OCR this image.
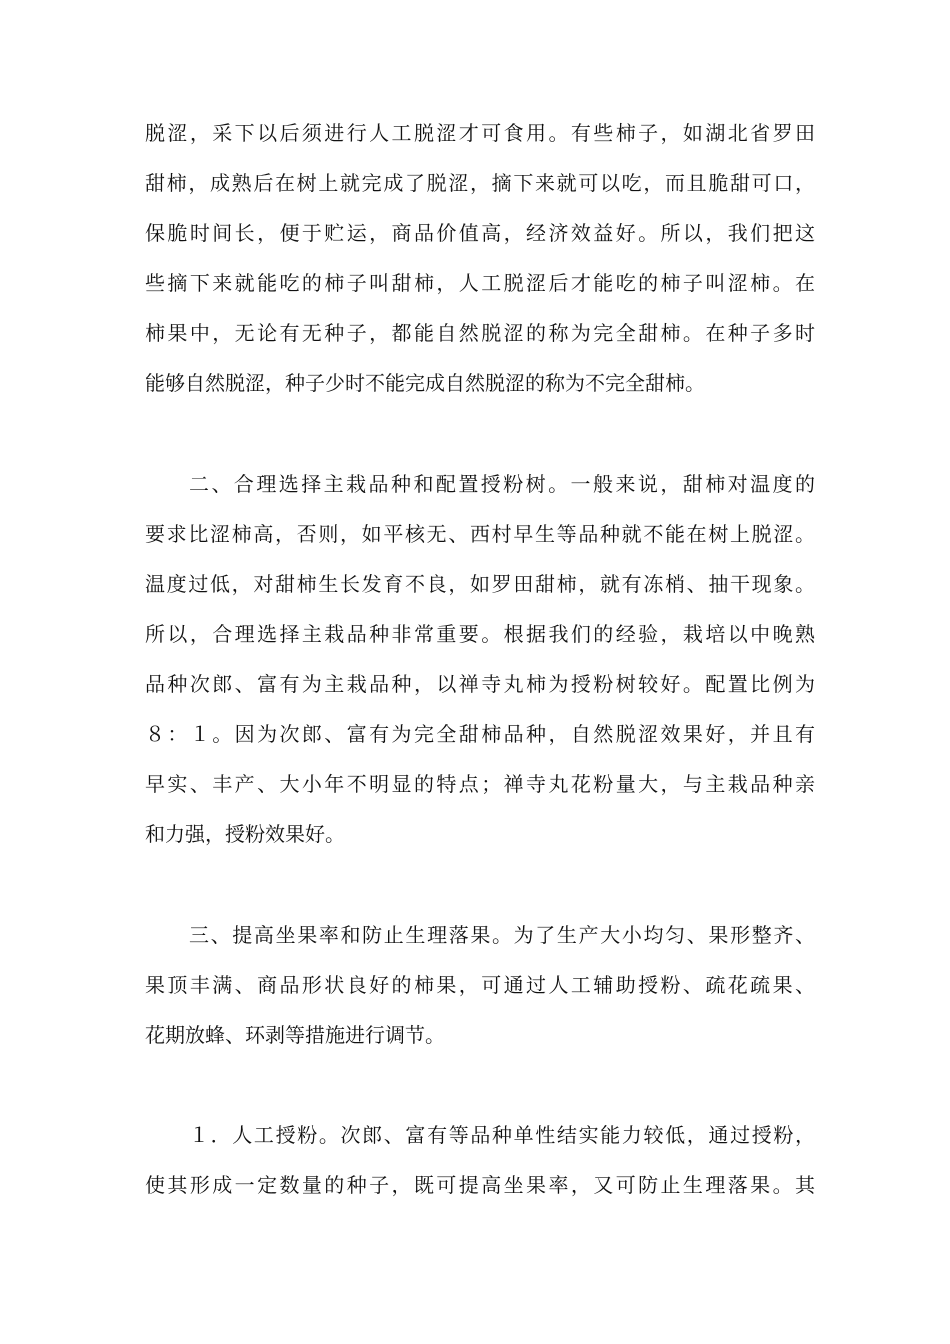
脱涩，采下以后须进行人工脱涩才可食用。有些柿子，如湖北省罗田
甜柿，成熟后在树上就完成了脱涩，摘下来就可以吃，而且脆甜可口，
保脆时间长，便于贮运，商品价值高，经济效益好。所以，我们把这
些摘下来就能吃的柿子叫甜柿，人工脱涩后才能吃的柿子叫涩柿。在
柿果中，无论有无种子，都能自然脱涩的称为完全甜柿。在种子多时
能够自然脱涩，种子少时不能完成自然脱涩的称为不完全甜柿。
二、合理选择主栽品种和配置授粉树。一般来说，甜柿对温度的
要求比涩柿高，否则，如平核无、西村早生等品种就不能在树上脱涩。
温度过低，对甜柿生长发育不良，如罗田甜柿，就有冻梢、抽干现象。
所以，合理选择主栽品种非常重要。根据我们的经验，栽培以中晚熟
品种次郎、富有为主栽品种，以禅寺丸柿为授粉树较好。配置比例为
８：１。因为次郎、富有为完全甜柿品种，自然脱涩效果好，并且有
早实、丰产、大小年不明显的特点；禅寺丸花粉量大，与主栽品种亲
和力强，授粉效果好。
三、提高坐果率和防止生理落果。为了生产大小均匀、果形整齐、
果顶丰满、商品形状良好的柿果，可通过人工辅助授粉、疏花疏果、
花期放蜂、环剥等措施进行调节。
１．人工授粉。次郎、富有等品种单性结实能力较低，通过授粉，
使其形成一定数量的种子，既可提高坐果率，又可防止生理落果。其
